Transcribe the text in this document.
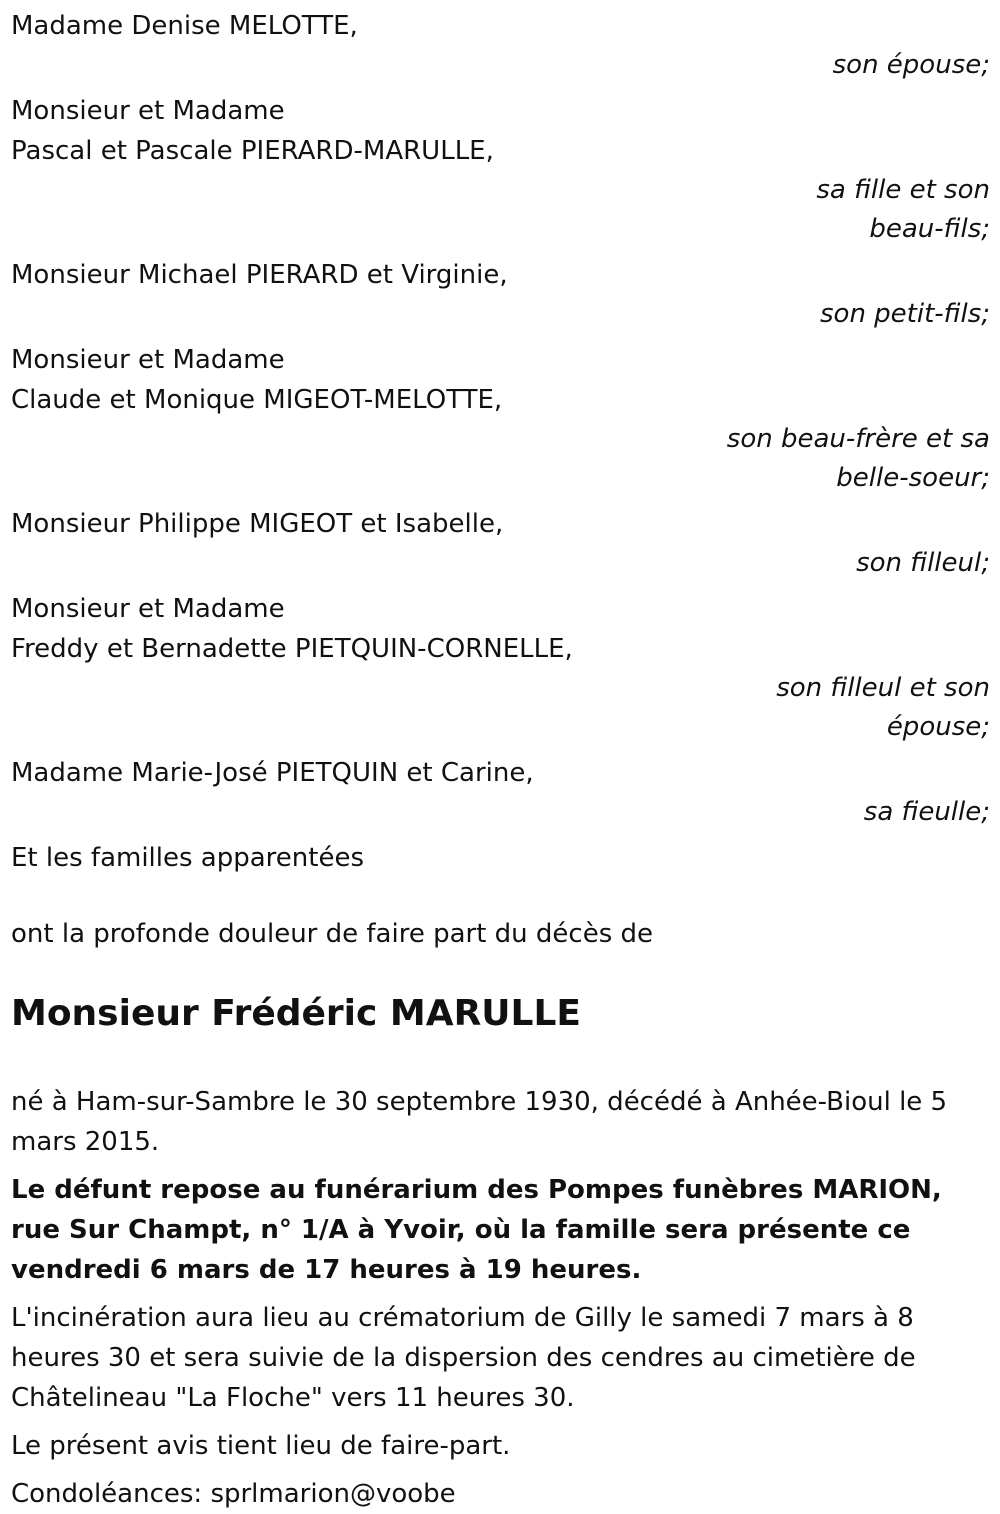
Madame Denise MELOTTE,
son épouse;
Monsieur et Madame
Pascal et Pascale PIERARD-MARULLE,
sa fille et son
beau-fils;
Monsieur Michael PIERARD et Virginie,
son petit-fils;
Monsieur et Madame
Claude et Monique MIGEOT-MELOTTE,
son beau-frère et sa
belle-soeur;
Monsieur Philippe MIGEOT et Isabelle,
son filleul;
Monsieur et Madame
Freddy et Bernadette PIETQUIN-CORNELLE,
son filleul et son
épouse;
Madame Marie-José PIETQUIN et Carine,
sa fieulle;
Et les familles apparentées
ont la profonde douleur de faire part du décès de
Monsieur Frédéric MARULLE
né à Ham-sur-Sambre le 30 septembre 1930, décédé à Anhée-Bioul le 5 mars 2015.
Le défunt repose au funérarium des Pompes funèbres MARION, rue Sur Champt, n° 1/A à Yvoir, où la famille sera présente ce vendredi 6 mars de 17 heures à 19 heures.
L'incinération aura lieu au crématorium de Gilly le samedi 7 mars à 8 heures 30 et sera suivie de la dispersion des cendres au cimetière de Châtelineau "La Floche" vers 11 heures 30.
Le présent avis tient lieu de faire-part.
Condoléances: sprlmarion@voobe
